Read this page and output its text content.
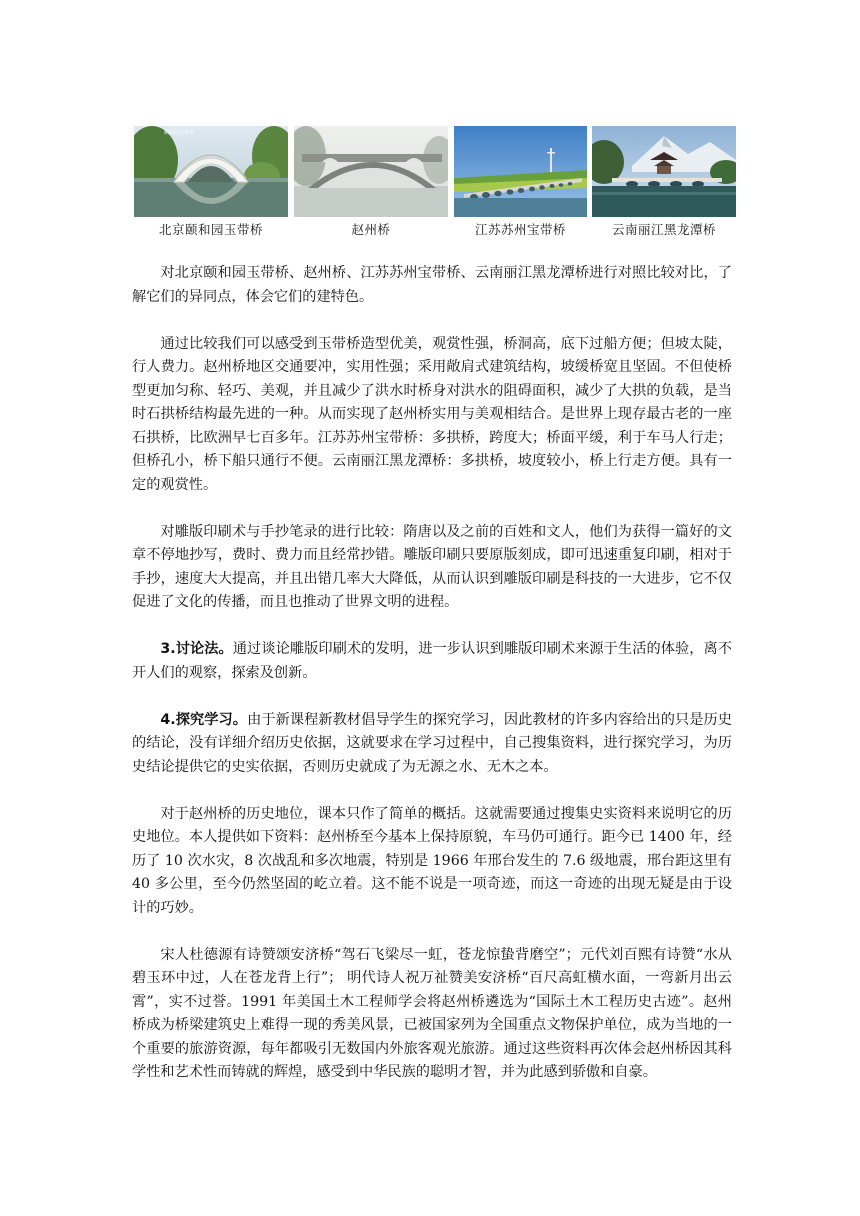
颐和园玉带桥
北京颐和园玉带桥	赵州桥	江苏苏州宝带桥	云南丽江黑龙潭桥

对北京颐和园玉带桥、赵州桥、江苏苏州宝带桥、云南丽江黑龙潭桥进行对照比较对比，了解它们的异同点，体会它们的建特色。

通过比较我们可以感受到玉带桥造型优美，观赏性强，桥洞高，底下过船方便；但坡太陡，行人费力。赵州桥地区交通要冲，实用性强；采用敞肩式建筑结构，坡缓桥宽且坚固。不但使桥型更加匀称、轻巧、美观，并且减少了洪水时桥身对洪水的阻碍面积，减少了大拱的负载，是当时石拱桥结构最先进的一种。从而实现了赵州桥实用与美观相结合。是世界上现存最古老的一座石拱桥，比欧洲早七百多年。江苏苏州宝带桥：多拱桥，跨度大；桥面平缓，利于车马人行走；但桥孔小，桥下船只通行不便。云南丽江黑龙潭桥：多拱桥，坡度较小，桥上行走方便。具有一定的观赏性。

对雕版印刷术与手抄笔录的进行比较：隋唐以及之前的百姓和文人，他们为获得一篇好的文章不停地抄写，费时、费力而且经常抄错。雕版印刷只要原版刻成，即可迅速重复印刷，相对于手抄，速度大大提高，并且出错几率大大降低，从而认识到雕版印刷是科技的一大进步，它不仅促进了文化的传播，而且也推动了世界文明的进程。

3.讨论法。通过谈论雕版印刷术的发明，进一步认识到雕版印刷术来源于生活的体验，离不开人们的观察，探索及创新。

4.探究学习。由于新课程新教材倡导学生的探究学习，因此教材的许多内容给出的只是历史的结论，没有详细介绍历史依据，这就要求在学习过程中，自己搜集资料，进行探究学习，为历史结论提供它的史实依据，否则历史就成了为无源之水、无木之本。

对于赵州桥的历史地位，课本只作了简单的概括。这就需要通过搜集史实资料来说明它的历史地位。本人提供如下资料：赵州桥至今基本上保持原貌，车马仍可通行。距今已 1400 年，经历了 10 次水灾，8 次战乱和多次地震，特别是 1966 年邢台发生的 7.6 级地震，邢台距这里有 40 多公里，至今仍然坚固的屹立着。这不能不说是一项奇迹，而这一奇迹的出现无疑是由于设计的巧妙。

宋人杜德源有诗赞颂安济桥“驾石飞梁尽一虹，苍龙惊蛰背磨空”；元代刘百熙有诗赞“水从碧玉环中过，人在苍龙背上行”； 明代诗人祝万祉赞美安济桥“百尺高虹横水面，一弯新月出云霄”，实不过誉。1991 年美国土木工程师学会将赵州桥遴选为“国际土木工程历史古迹”。赵州桥成为桥梁建筑史上难得一现的秀美风景，已被国家列为全国重点文物保护单位，成为当地的一个重要的旅游资源，每年都吸引无数国内外旅客观光旅游。通过这些资料再次体会赵州桥因其科学性和艺术性而铸就的辉煌，感受到中华民族的聪明才智，并为此感到骄傲和自豪。
